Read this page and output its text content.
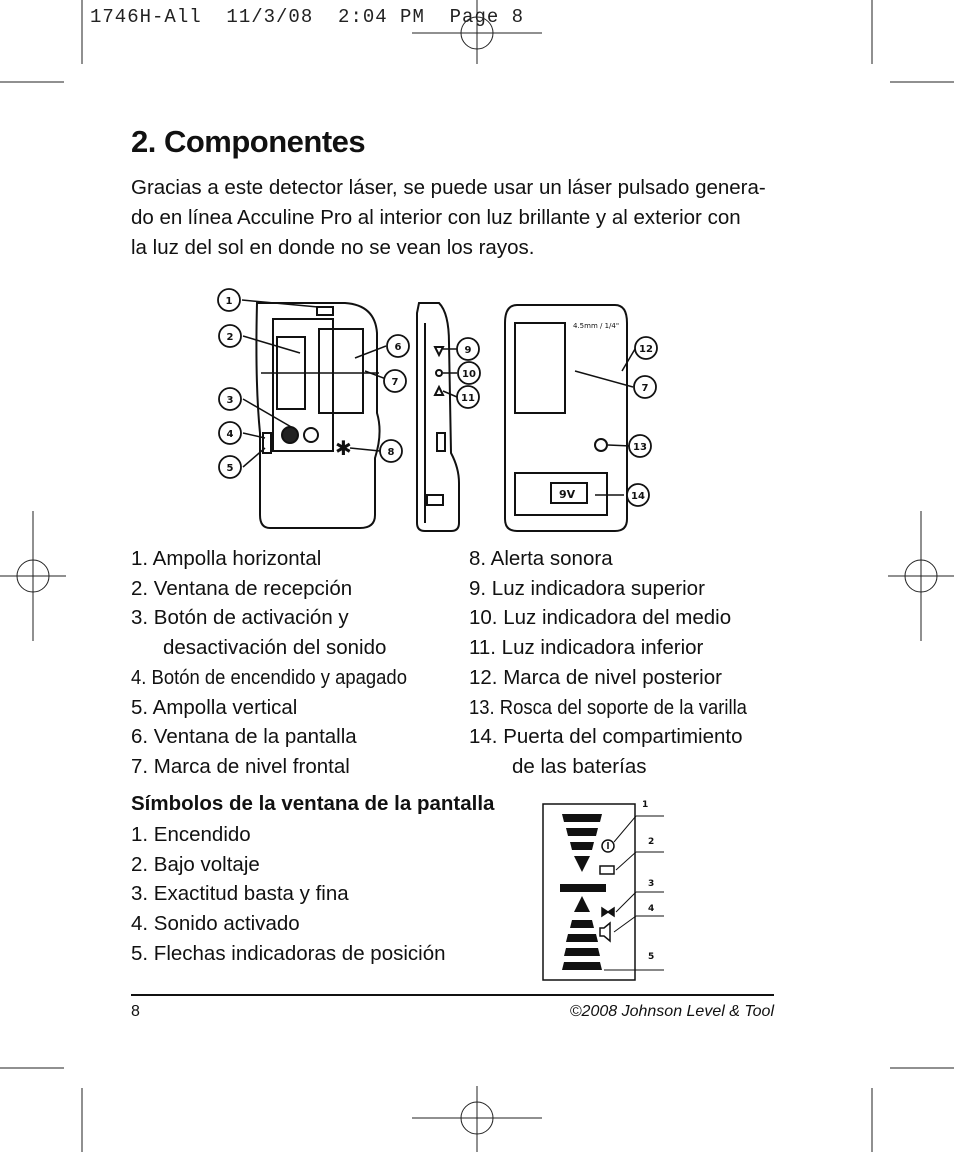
1746H-All  11/3/08  2:04 PM  Page 8
2. Componentes

Gracias a este detector láser, se puede usar un láser pulsado genera-

do en línea Acculine Pro al interior con luz brillante y al exterior con

la luz del sol en donde no se vean los rayos.

✱
4.5mm / 1/4"
9V
1
2
3
4
5
6
7
8
9
10
11
12
7
13
14
1. Ampolla horizontal
2. Ventana de recepción
3. Botón de activación y
desactivación del sonido
4. Botón de encendido y apagado
5. Ampolla vertical
6. Ventana de la pantalla
7. Marca de nivel frontal
8. Alerta sonora
9. Luz indicadora superior
10. Luz indicadora del medio
11. Luz indicadora inferior
12. Marca de nivel posterior
13. Rosca del soporte de la varilla
14. Puerta del compartimiento
de las baterías
Símbolos de la ventana de la pantalla
1. Encendido
2. Bajo voltaje
3. Exactitud basta y fina
4. Sonido activado
5. Flechas indicadoras de posición
1
2
3
4
5
8	©2008 Johnson Level & Tool
